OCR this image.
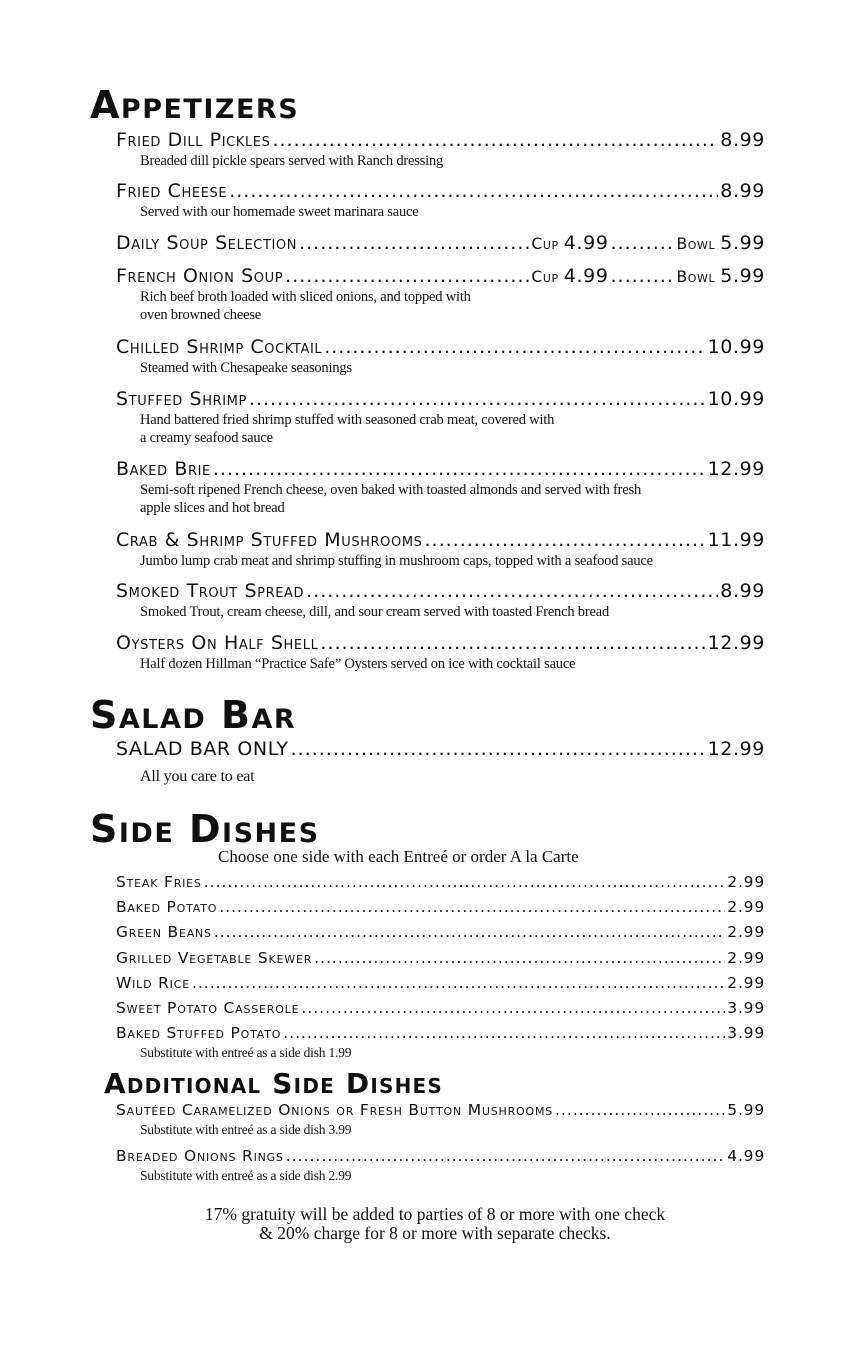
Appetizers
Fried Dill Pickles .....	8.99
Breaded dill pickle spears served with Ranch dressing
Fried Cheese .....	8.99
Served with our homemade sweet marinara sauce
Daily Soup Selection .....	Cup 4.99 .....	Bowl 5.99
French Onion Soup .....	Cup 4.99 .....	Bowl 5.99
Rich beef broth loaded with sliced onions, and topped with
oven browned cheese
Chilled Shrimp Cocktail .....	10.99
Steamed with Chesapeake seasonings
Stuffed Shrimp .....	10.99
Hand battered fried shrimp stuffed with seasoned crab meat, covered with
a creamy seafood sauce
Baked Brie .....	12.99
Semi-soft ripened French cheese, oven baked with toasted almonds and served with fresh
apple slices and hot bread
Crab & Shrimp Stuffed Mushrooms .....	11.99
Jumbo lump crab meat and shrimp stuffing in mushroom caps, topped with a seafood sauce
Smoked Trout Spread .....	8.99
Smoked Trout, cream cheese, dill, and sour cream served with toasted French bread
Oysters On Half Shell .....	12.99
Half dozen Hillman “Practice Safe” Oysters served on ice with cocktail sauce
Salad Bar
SALAD BAR ONLY .....	12.99
All you care to eat
Side Dishes
Choose one side with each Entreé or order A la Carte
Steak Fries .....	2.99
Baked Potato .....	2.99
Green Beans .....	2.99
Grilled Vegetable Skewer .....	2.99
Wild Rice .....	2.99
Sweet Potato Casserole .....	3.99
Baked Stuffed Potato .....	3.99
Substitute with entreé as a side dish 1.99
Additional Side Dishes
Sautéed Caramelized Onions or Fresh Button Mushrooms .....	5.99
Substitute with entreé as a side dish 3.99
Breaded Onions Rings .....	4.99
Substitute with entreé as a side dish 2.99
17% gratuity will be added to parties of 8 or more with one check
& 20% charge for 8 or more with separate checks.
